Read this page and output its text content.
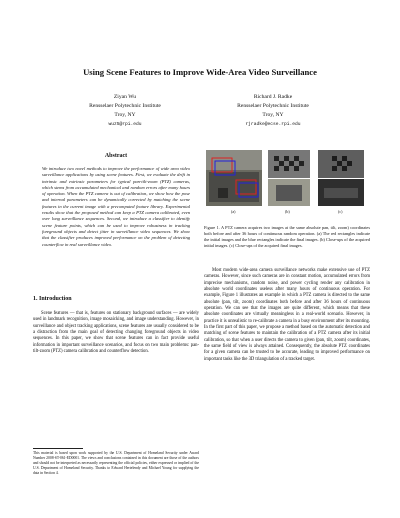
Using Scene Features to Improve Wide-Area Video Surveillance
Ziyan Wu
Rensselaer Polytechnic Institute
Troy, NY
wuz5@rpi.edu
Richard J. Radke
Rensselaer Polytechnic Institute
Troy, NY
rjradke@ecse.rpi.edu
Abstract
We introduce two novel methods to improve the performance of wide area video surveillance applications by using scene features. First, we evaluate the drift in intrinsic and extrinsic parameters for typical pan-tilt-zoom (PTZ) cameras, which stems from accumulated mechanical and random errors after many hours of operation. When the PTZ camera is out of calibration, we show how the pose and internal parameters can be dynamically corrected by matching the scene features in the current image with a precomputed feature library. Experimental results show that the proposed method can keep a PTZ camera calibrated, even over long surveillance sequences. Second, we introduce a classifier to identify scene feature points, which can be used to improve robustness in tracking foreground objects and detect jitter in surveillance video sequences. We show that the classifier produces improved performance on the problem of detecting counterflow in real surveillance video.
1. Introduction

Scene features — that is, features on stationary background surfaces — are widely used in landmark recognition, image mosaicking, and image understanding. However, in surveillance and object tracking applications, scene features are usually considered to be a distraction from the main goal of detecting changing foreground objects in video sequences. In this paper, we show that scene features can in fact provide useful information in important surveillance scenarios, and focus on two main problems: pan-tilt-zoom (PTZ) camera calibration and counterflow detection.

This material is based upon work supported by the U.S. Department of Homeland Security under Award Number 2008-ST-061-ED0001. The views and conclusions contained in this document are those of the authors and should not be interpreted as necessarily representing the official policies, either expressed or implied of the U.S. Department of Homeland Security. Thanks to Edward Hertelendy and Michael Young for supplying the data in Section 4.
(a)	(b)	(c)
Figure 1. A PTZ camera acquires two images at the same absolute pan, tilt, zoom) coordinates both before and after 36 hours of continuous random operation. (a) The red rectangles indicate the initial images and the blue rectangles indicate the final images. (b) Close-ups of the acquired initial images. (c) Close-ups of the acquired final images.

Most modern wide-area camera surveillance networks make extensive use of PTZ cameras. However, since such cameras are in constant motion, accumulated errors from imprecise mechanisms, random noise, and power cycling render any calibration in absolute world coordinates useless after many hours of continuous operation. For example, Figure 1 illustrates an example in which a PTZ camera is directed to the same absolute (pan, tilt, zoom) coordinates both before and after 36 hours of continuous operation. We can see that the images are quite different, which means that these absolute coordinates are virtually meaningless in a real-world scenario. However, in practice it is unrealistic to re-calibrate a camera in a busy environment after its mounting. In the first part of this paper, we propose a method based on the automatic detection and matching of scene features to maintain the calibration of a PTZ camera after its initial calibration, so that when a user directs the camera to given (pan, tilt, zoom) coordinates, the same field of view is always attained. Consequently, the absolute PTZ coordinates for a given camera can be trusted to be accurate, leading to improved performance on important tasks like the 3D triangulation of a tracked target.
